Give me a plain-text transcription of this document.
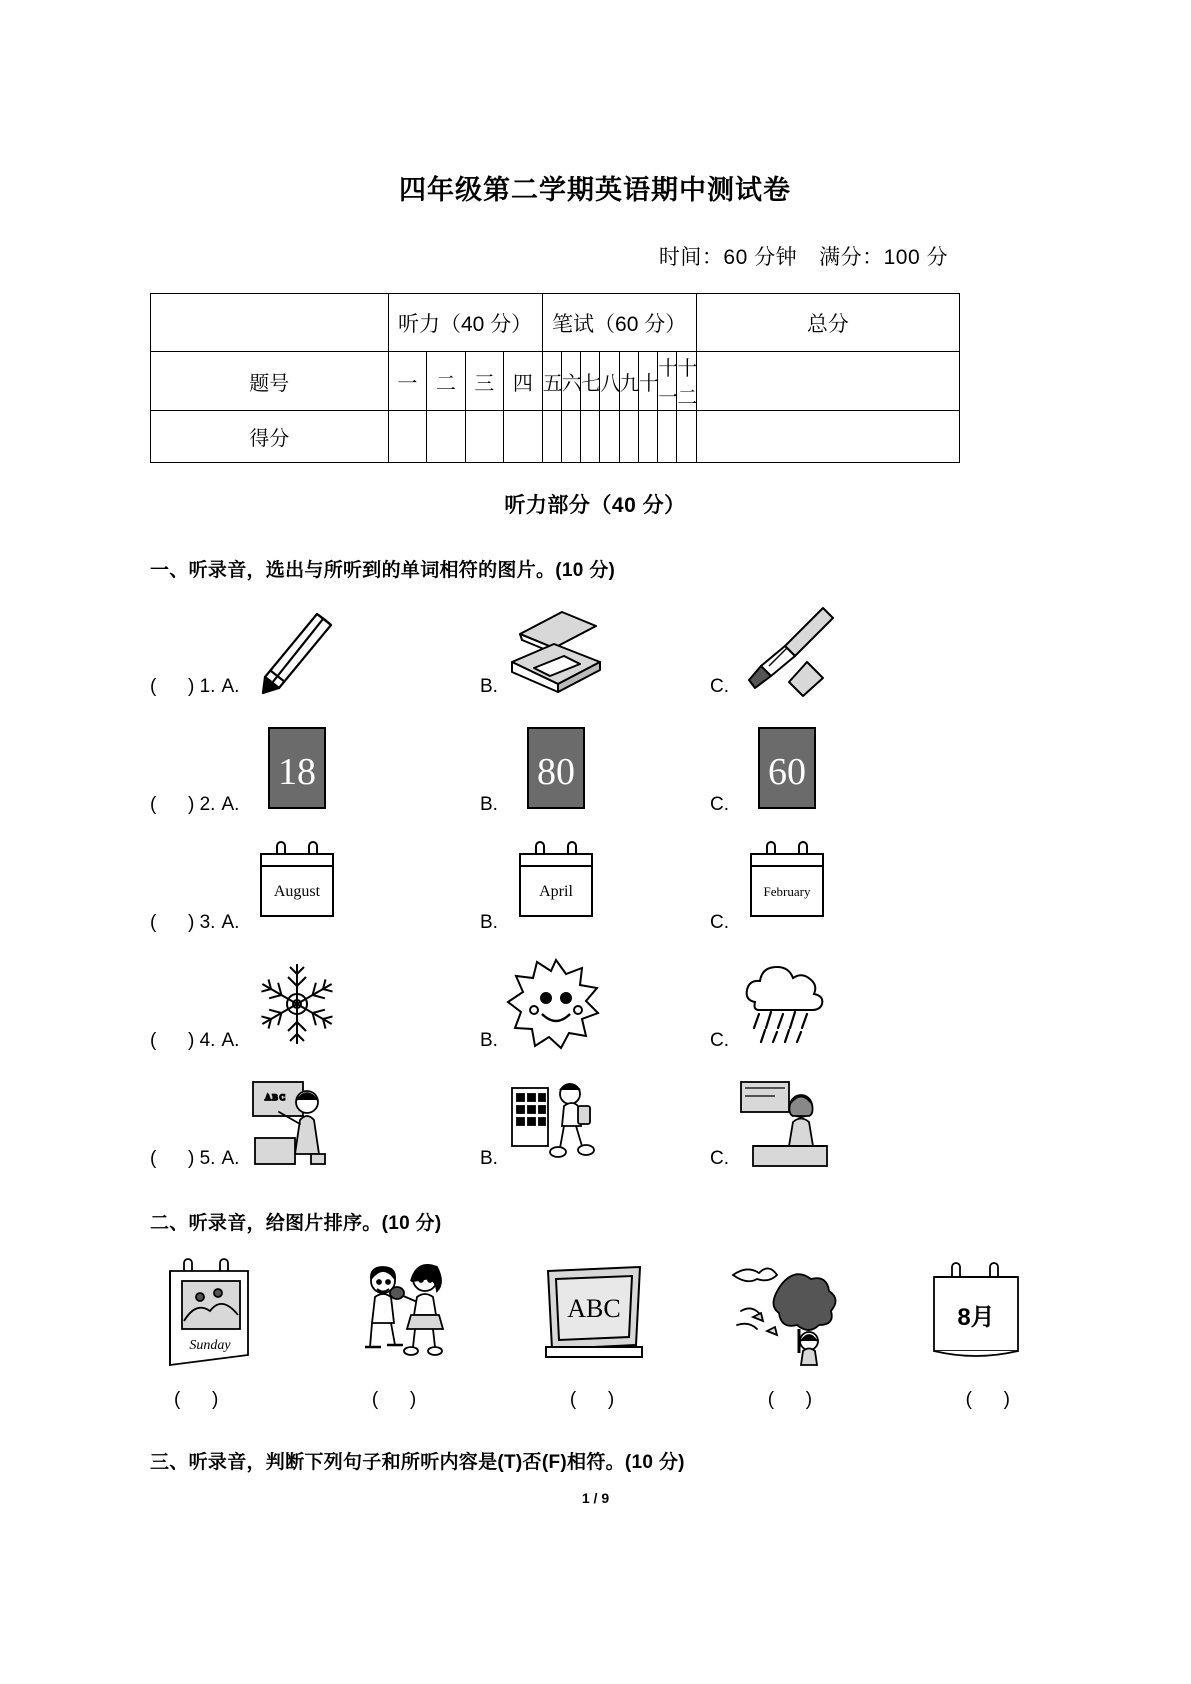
四年级第二学期英语期中测试卷
时间：60 分钟 满分：100 分
	听力（40 分）				笔试（60 分）								总分
题号	一	二	三	四	五	六	七	八	九	十	十一	十二	
得分													
听力部分（40 分）
一、听录音，选出与所听到的单词相符的图片。(10 分)
(      ) 1. A.	B.	C.
(      ) 2. A.
18
B.
80
C.
60
(      ) 3. A.
August
B.
April
C.
February
(      ) 4. A.	B.	C.
(      ) 5. A.
A B C
B.	C.
二、听录音，给图片排序。(10 分)
Sunday
ABC	8月
(      )	(      )	(      )	(      )	(      )
三、听录音，判断下列句子和所听内容是(T)否(F)相符。(10 分)
1 / 9
